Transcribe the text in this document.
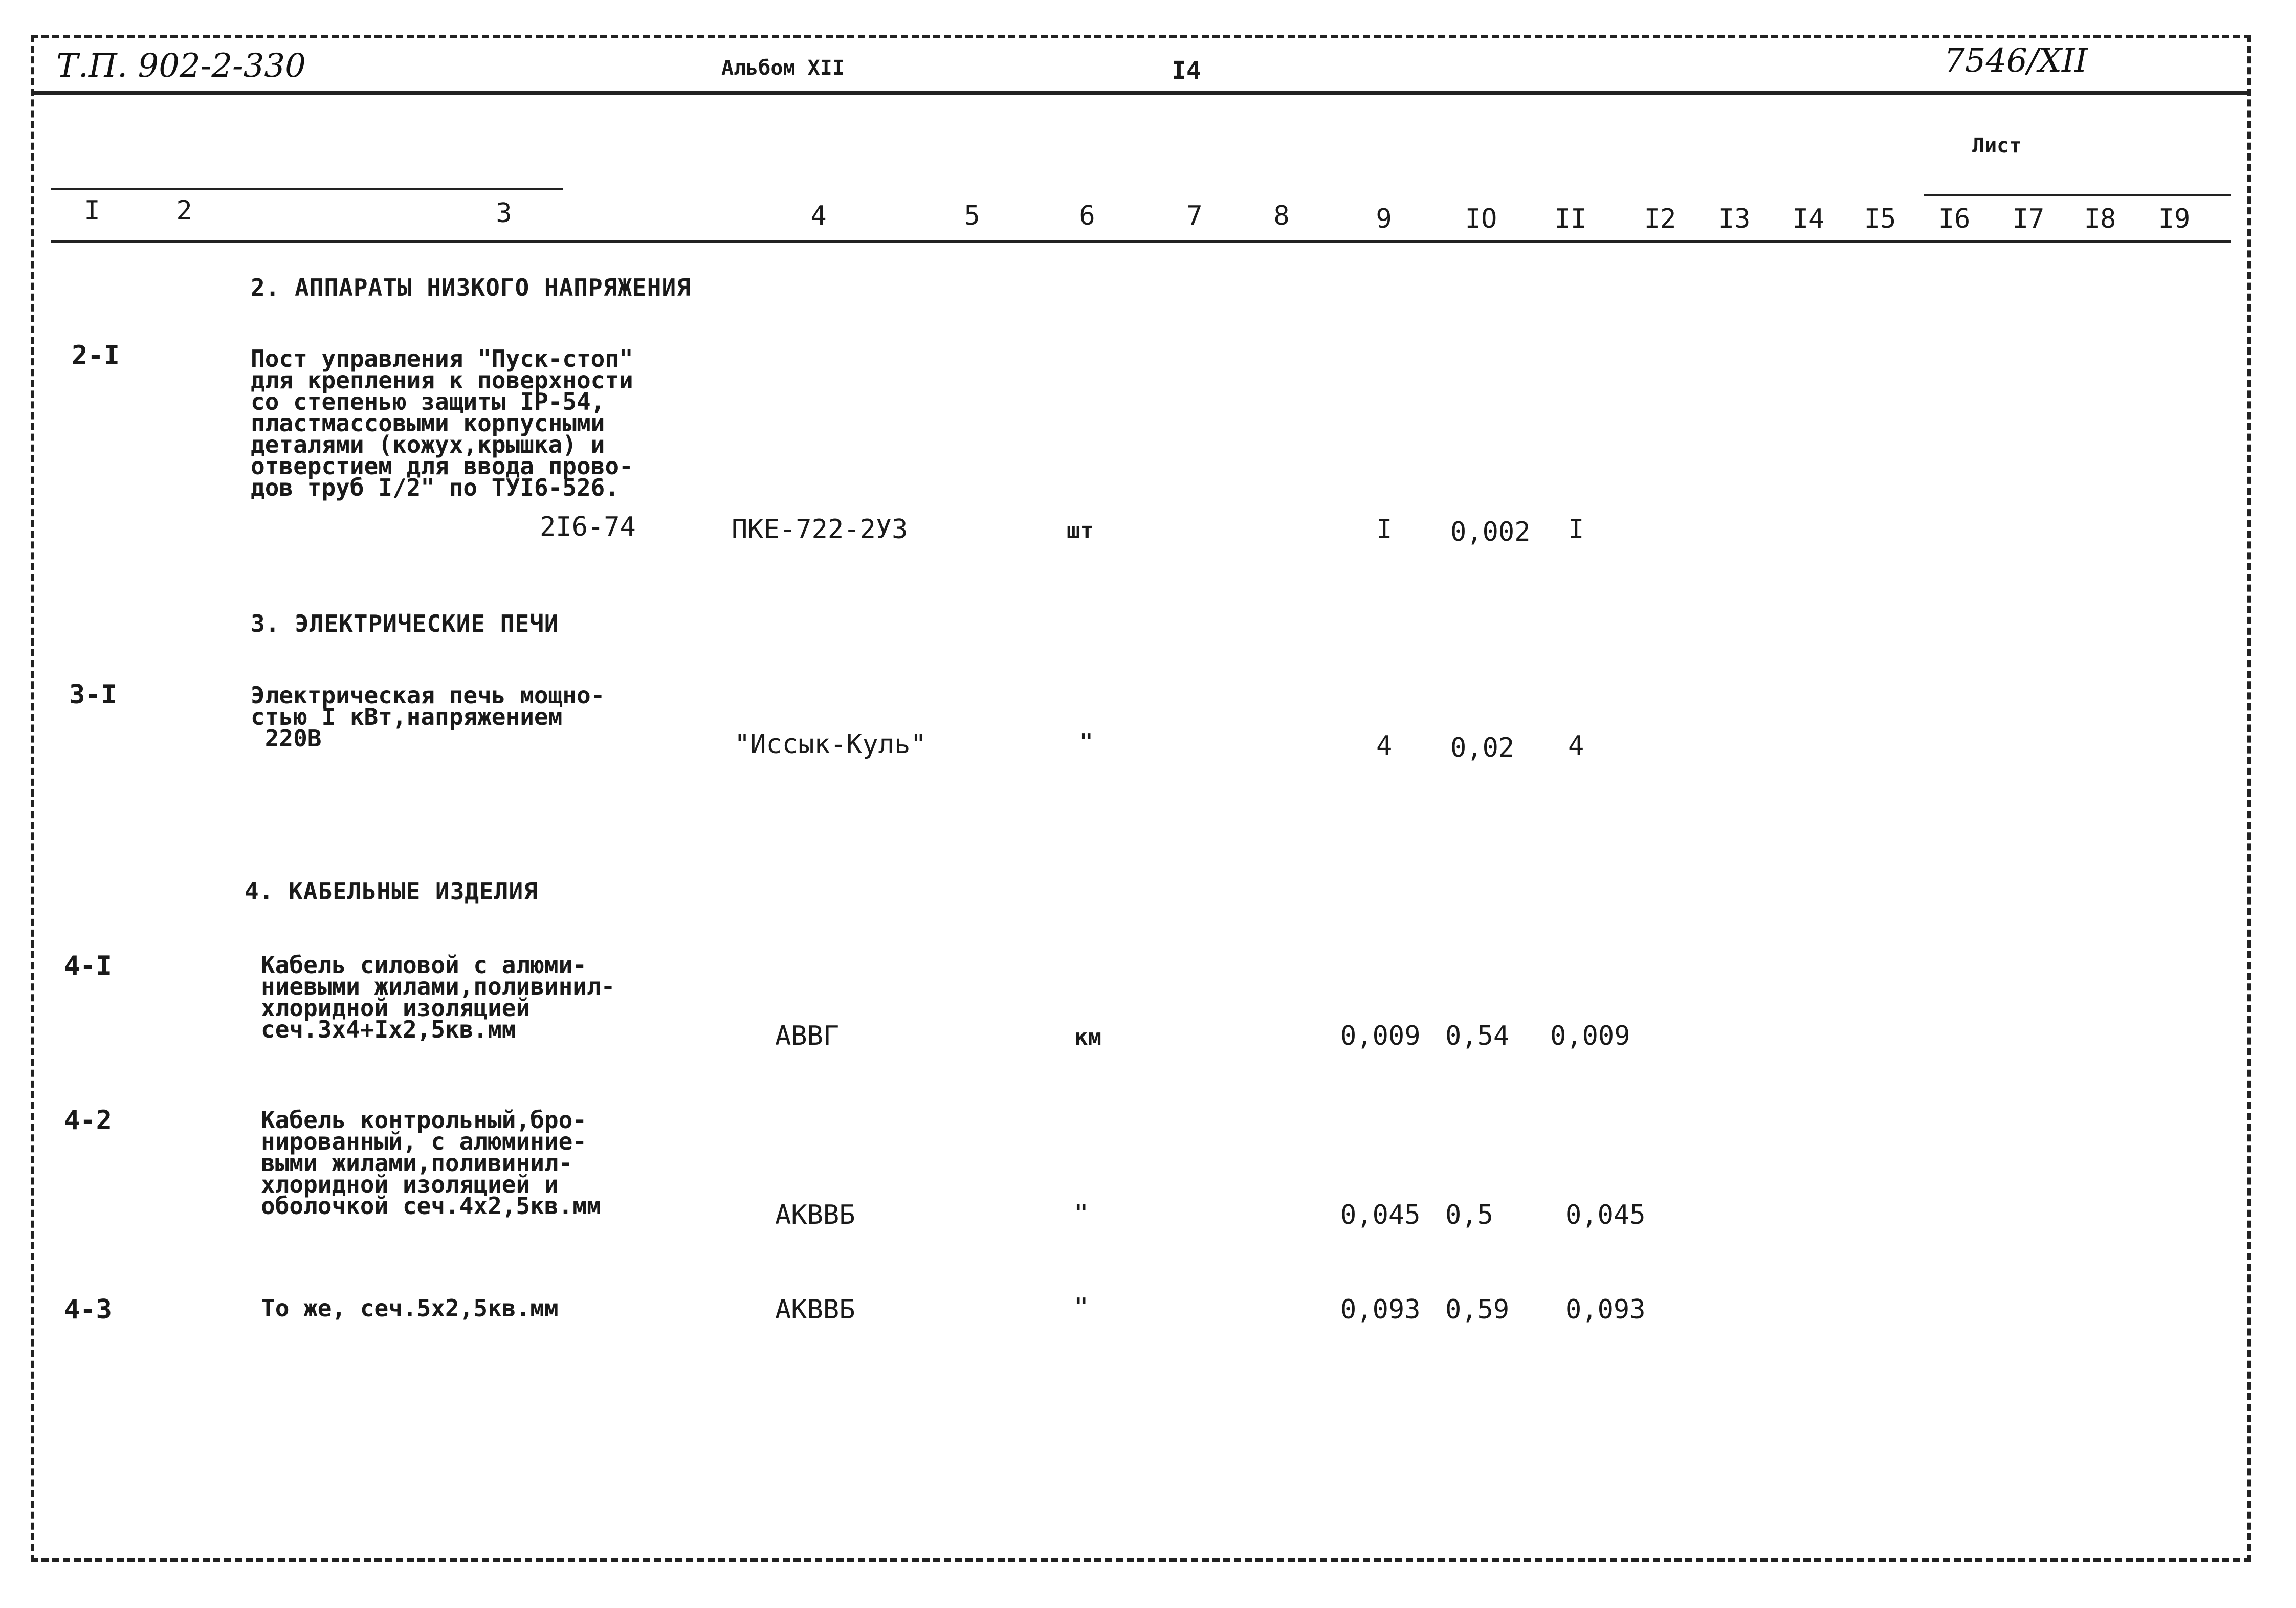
Т.П. 902-2-330	Альбом XII	I4	7546/XII
Лист
I	2	3	4	5	6	7	8	9	IO II I2 I3 I4 I5 I6 I7 I8 I9
2. АППАРАТЫ НИЗКОГО НАПРЯЖЕНИЯ
2-I	Пост управления "Пуск-стоп"
для крепления к поверхности
со степенью защиты IP-54,
пластмассовыми корпусными
деталями (кожух,крышка) и
отверстием для ввода прово-
дов труб I/2" по ТУI6-526.
2I6-74	ПКЕ-722-2УЗ	шт	I 0,002 I
3. ЭЛЕКТРИЧЕСКИЕ ПЕЧИ
3-I	Электрическая печь мощно-
стью I кВт,напряжением
220В	"Иссык-Куль"	"	4 0,02 4
4. КАБЕЛЬНЫЕ ИЗДЕЛИЯ
4-I	Кабель силовой с алюми-
ниевыми жилами,поливинил-
хлоридной изоляцией
сеч.3х4+Iх2,5кв.мм	АВВГ	км	0,009 0,54 0,009
4-2	Кабель контрольный,бро-
нированный, с алюминие-
выми жилами,поливинил-
хлоридной изоляцией и
оболочкой сеч.4х2,5кв.мм	АКВВБ	"	0,045 0,5	0,045
4-3	То же, сеч.5х2,5кв.мм	АКВВБ	"	0,093 0,59 0,093
